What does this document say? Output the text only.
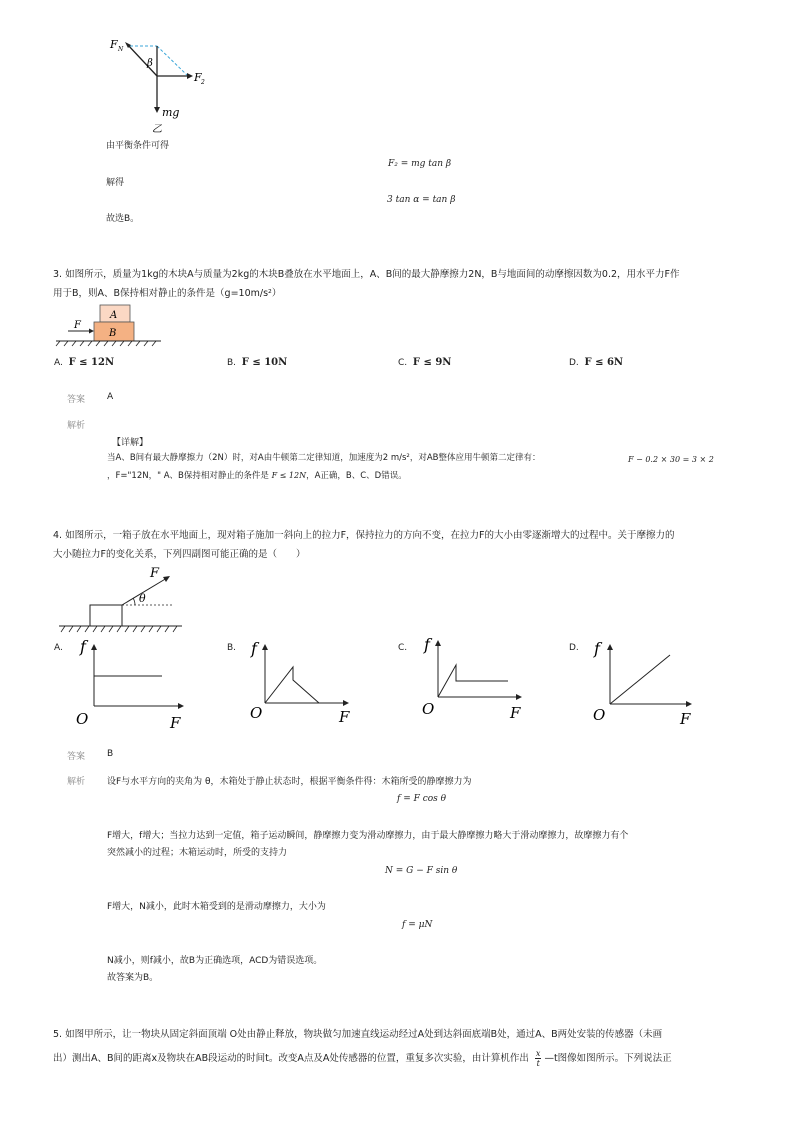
F N
β
F 2
mg
乙
由平衡条件可得
F₂ = mg tan β
解得
3 tan α = tan β
故选B。
3. 如图所示，质量为1kg的木块A与质量为2kg的木块B叠放在水平地面上，A、B间的最大静摩擦力2N，B与地面间的动摩擦因数为0.2，用水平力F作
用于B，则A、B保持相对静止的条件是（g=10m/s²）
A
B
F
A. F ≤ 12N	B. F ≤ 10N	C. F ≤ 9N	D. F ≤ 6N
答案 A
解析
【详解】
当A、B间有最大静摩擦力（2N）时，对A由牛顿第二定律知道，加速度为2 m/s²，对AB整体应用牛顿第二定律有：	F − 0.2 × 30 = 3 × 2
，F="12N，" A、B保持相对静止的条件是 F ≤ 12N，A正确，B、C、D错误。
4. 如图所示，一箱子放在水平地面上，现对箱子施加一斜向上的拉力F，保持拉力的方向不变，在拉力F的大小由零逐渐增大的过程中。关于摩擦力的
大小随拉力F的变化关系，下列四副图可能正确的是（　　）
θ
F
A. f
O	F
B. f
O	F
C. f
O	F
D. f
O	F
答案 B
解析 设F与水平方向的夹角为 θ，木箱处于静止状态时，根据平衡条件得：木箱所受的静摩擦力为
f = F cos θ
F增大，f增大；当拉力达到一定值，箱子运动瞬间，静摩擦力变为滑动摩擦力，由于最大静摩擦力略大于滑动摩擦力，故摩擦力有个
突然减小的过程；木箱运动时，所受的支持力
N = G − F sin θ
F增大，N减小，此时木箱受到的是滑动摩擦力，大小为
f = μN
N减小，则f减小，故B为正确选项，ACD为错误选项。
故答案为B。
5. 如图甲所示，让一物块从固定斜面顶端 O处由静止释放，物块做匀加速直线运动经过A处到达斜面底端B处，通过A、B两处安装的传感器（未画
出）测出A、B间的距离x及物块在AB段运动的时间t。改变A点及A处传感器的位置，重复多次实验，由计算机作出 $\frac{x}{t}$ —t图像如图所示。下列说法正
